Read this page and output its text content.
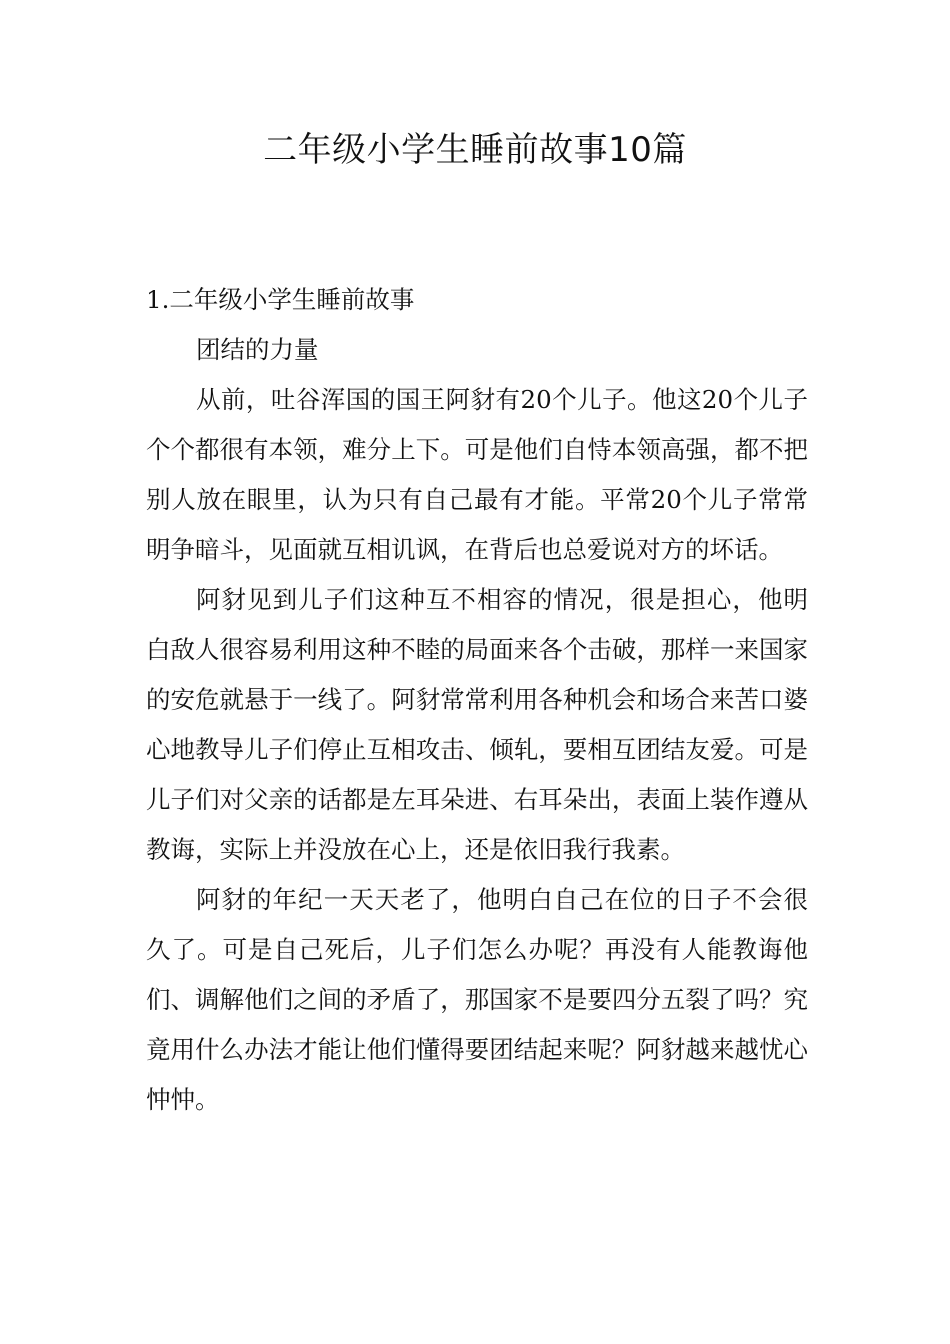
二年级小学生睡前故事10篇

1.二年级小学生睡前故事

团结的力量

从前，吐谷浑国的国王阿豺有20个儿子。他这20个儿子个个都很有本领，难分上下。可是他们自恃本领高强，都不把别人放在眼里，认为只有自己最有才能。平常20个儿子常常明争暗斗，见面就互相讥讽，在背后也总爱说对方的坏话。

阿豺见到儿子们这种互不相容的情况，很是担心，他明白敌人很容易利用这种不睦的局面来各个击破，那样一来国家的安危就悬于一线了。阿豺常常利用各种机会和场合来苦口婆心地教导儿子们停止互相攻击、倾轧，要相互团结友爱。可是儿子们对父亲的话都是左耳朵进、右耳朵出，表面上装作遵从教诲，实际上并没放在心上，还是依旧我行我素。

阿豺的年纪一天天老了，他明白自己在位的日子不会很久了。可是自己死后，儿子们怎么办呢？再没有人能教诲他们、调解他们之间的矛盾了，那国家不是要四分五裂了吗？究竟用什么办法才能让他们懂得要团结起来呢？阿豺越来越忧心忡忡。
